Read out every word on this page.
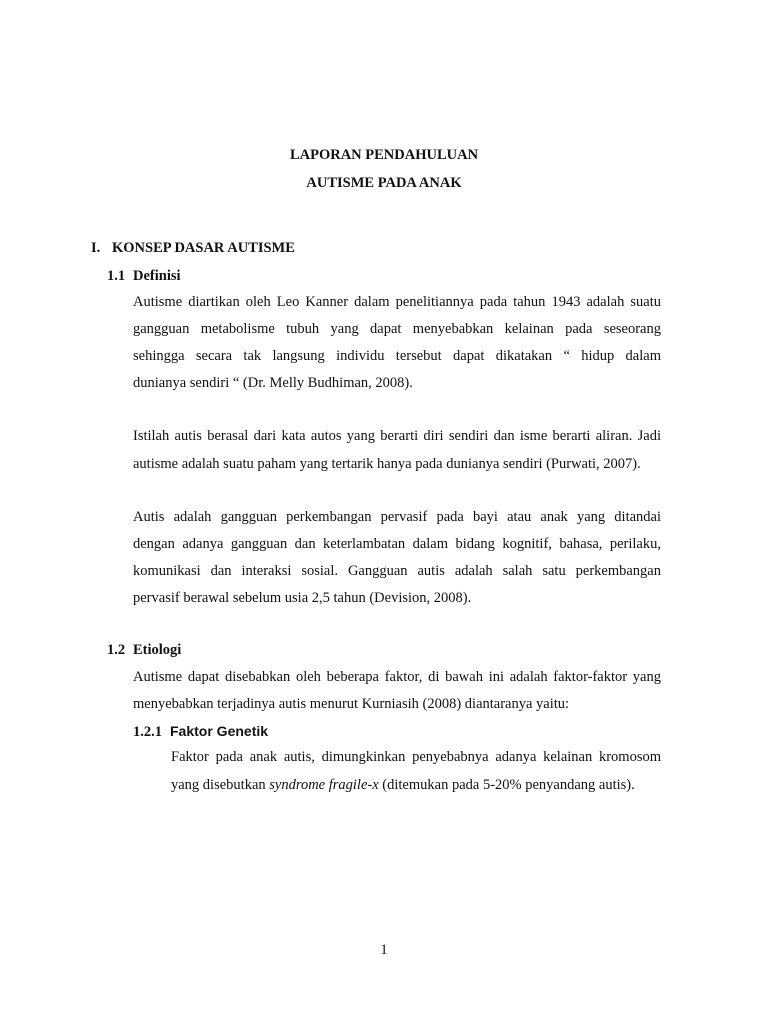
LAPORAN PENDAHULUAN
AUTISME PADA ANAK
I. KONSEP DASAR AUTISME
1.1 Definisi
Autisme diartikan oleh Leo Kanner dalam penelitiannya pada tahun 1943 adalah suatu
gangguan metabolisme tubuh yang dapat menyebabkan kelainan pada seseorang
sehingga secara tak langsung individu tersebut dapat dikatakan “ hidup dalam
dunianya sendiri “ (Dr. Melly Budhiman, 2008).
Istilah autis berasal dari kata autos yang berarti diri sendiri dan isme berarti aliran. Jadi
autisme adalah suatu paham yang tertarik hanya pada dunianya sendiri (Purwati, 2007).
Autis adalah gangguan perkembangan pervasif pada bayi atau anak yang ditandai
dengan adanya gangguan dan keterlambatan dalam bidang kognitif, bahasa, perilaku,
komunikasi dan interaksi sosial. Gangguan autis adalah salah satu perkembangan
pervasif berawal sebelum usia 2,5 tahun (Devision, 2008).
1.2 Etiologi
Autisme dapat disebabkan oleh beberapa faktor, di bawah ini adalah faktor-faktor yang
menyebabkan terjadinya autis menurut Kurniasih (2008) diantaranya yaitu:
1.2.1 Faktor Genetik
Faktor pada anak autis, dimungkinkan penyebabnya adanya kelainan kromosom
yang disebutkan syndrome fragile-x (ditemukan pada 5-20% penyandang autis).
1
